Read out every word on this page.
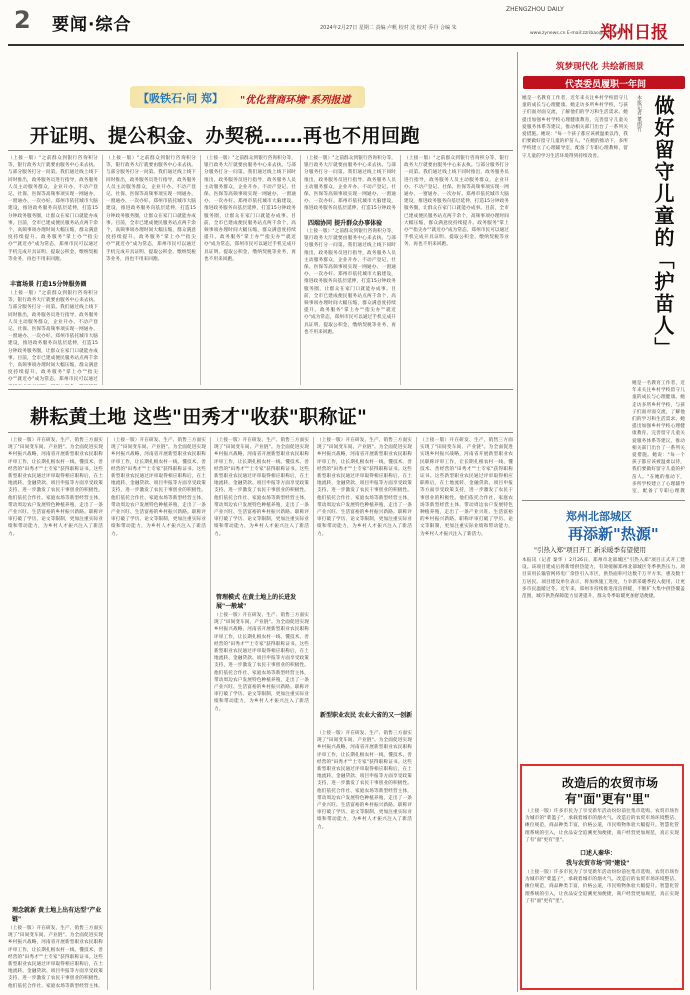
2 要闻·综合
ZHENGZHOU DAILY
2024年2月27日 星期二 责编 卢帆 校对 沈 校对 乔丹 合编 朱
www.zynews.cn E-mail:zzribao@163.com
郑州日报
【吸铁石·问 郑】 "优化营商环境"系列报道
开证明、提公积金、办契税……再也不用回跑
（上接一版）"之前群众到银行咨询积分等，银行政务大厅就要由服务中心来去执。与部分服务打分一问第。我们通过线上线下同时推出，政务服务员进行指导，政务服务人员主动服务群众，企业开办、不动产登记、社保、医保等高频事项实现一网通办、一窗通办、一次办好。郑州市依托城市大脑建设，推进政务服务向基层延伸，打造15分钟政务服务圈，让群众在家门口就能办成事。目前，全市已建成便民服务站点两千余个，高频事项办理时间大幅压缩，群众满意度持续提升。政务服务"掌上办""指尖办""就近办"成为常态，郑州市民可以通过手机完成开具证明、提取公积金、缴纳契税等业务，再也不用来回跑。
丰富场景 打造15分钟服务圈
（上接一版）"之前群众到银行咨询积分等，银行政务大厅就要由服务中心来去执。与部分服务打分一问第。我们通过线上线下同时推出，政务服务员进行指导，政务服务人员主动服务群众，企业开办、不动产登记、社保、医保等高频事项实现一网通办、一窗通办、一次办好。郑州市依托城市大脑建设，推进政务服务向基层延伸，打造15分钟政务服务圈，让群众在家门口就能办成事。目前，全市已建成便民服务站点两千余个，高频事项办理时间大幅压缩，群众满意度持续提升。政务服务"掌上办""指尖办""就近办"成为常态，郑州市民可以通过
（上接一版）"之前群众到银行咨询积分等，银行政务大厅就要由服务中心来去执。与部分服务打分一问第。我们通过线上线下同时推出，政务服务员进行指导，政务服务人员主动服务群众，企业开办、不动产登记、社保、医保等高频事项实现一网通办、一窗通办、一次办好。郑州市依托城市大脑建设，推进政务服务向基层延伸，打造15分钟政务服务圈，让群众在家门口就能办成事。目前，全市已建成便民服务站点两千余个，高频事项办理时间大幅压缩，群众满意度持续提升。政务服务"掌上办""指尖办""就近办"成为常态，郑州市民可以通过手机完成开具证明、提取公积金、缴纳契税等业务，再也不用来回跑。
（上接一版）"之前群众到银行咨询积分等，银行政务大厅就要由服务中心来去执。与部分服务打分一问第。我们通过线上线下同时推出，政务服务员进行指导，政务服务人员主动服务群众，企业开办、不动产登记、社保、医保等高频事项实现一网通办、一窗通办、一次办好。郑州市依托城市大脑建设，推进政务服务向基层延伸，打造15分钟政务服务圈，让群众在家门口就能办成事。目前，全市已建成便民服务站点两千余个，高频事项办理时间大幅压缩，群众满意度持续提升。政务服务"掌上办""指尖办""就近办"成为常态，郑州市民可以通过手机完成开具证明、提取公积金、缴纳契税等业务，再也不用来回跑。
（上接一版）"之前群众到银行咨询积分等，银行政务大厅就要由服务中心来去执。与部分服务打分一问第。我们通过线上线下同时推出，政务服务员进行指导，政务服务人员主动服务群众，企业开办、不动产登记、社保、医保等高频事项实现一网通办、一窗通办、一次办好。郑州市依托城市大脑建设，推进政务服务向基层延伸，打造15分钟政务
四端协同 提升群众办事体验
（上接一版）"之前群众到银行咨询积分等，银行政务大厅就要由服务中心来去执。与部分服务打分一问第。我们通过线上线下同时推出，政务服务员进行指导，政务服务人员主动服务群众，企业开办、不动产登记、社保、医保等高频事项实现一网通办、一窗通办、一次办好。郑州市依托城市大脑建设，推进政务服务向基层延伸，打造15分钟政务服务圈，让群众在家门口就能办成事。目前，全市已建成便民服务站点两千余个，高频事项办理时间大幅压缩，群众满意度持续提升。政务服务"掌上办""指尖办""就近办"成为常态，郑州市民可以通过手机完成开具证明、提取公积金、缴纳契税等业务，再也不用来回跑。
（上接一版）"之前群众到银行咨询积分等，银行政务大厅就要由服务中心来去执。与部分服务打分一问第。我们通过线上线下同时推出，政务服务员进行指导，政务服务人员主动服务群众，企业开办、不动产登记、社保、医保等高频事项实现一网通办、一窗通办、一次办好。郑州市依托城市大脑建设，推进政务服务向基层延伸，打造15分钟政务服务圈，让群众在家门口就能办成事。目前，全市已建成便民服务站点两千余个，高频事项办理时间大幅压缩，群众满意度持续提升。政务服务"掌上办""指尖办""就近办"成为常态，郑州市民可以通过手机完成开具证明、提取公积金、缴纳契税等业务，再也不用来回跑。
耕耘黄土地 这些"田秀才"收获"职称证"
（上接一版）开在研发、生产、销售三方面实现了"田间变车间、产业链"。为全面促进实现乡村振兴战略，河南省开展新型职业农民职称评审工作，让长期扎根农村一线、懂技术、善经营的"田秀才""土专家"获得职称证书。这些新型职业农民通过评审取得相应职称后，在土地流转、金融贷款、项目申报等方面享受政策支持，进一步激发了农民干事创业的积极性。他们依托合作社、家庭农场等新型经营主体，带动周边农户发展特色种植养殖，走出了一条产业兴旺、生活富裕的乡村振兴新路。职称评审打破了学历、论文等限制，更加注重实际业绩和带动能力，为乡村人才振兴注入了新活力。
理念就新 黄土地上出有达型"产业链"
（上接一版）开在研发、生产、销售三方面实现了"田间变车间、产业链"。为全面促进实现乡村振兴战略，河南省开展新型职业农民职称评审工作，让长期扎根农村一线、懂技术、善经营的"田秀才""土专家"获得职称证书。这些新型职业农民通过评审取得相应职称后，在土地流转、金融贷款、项目申报等方面享受政策支持，进一步激发了农民干事创业的积极性。他们依托合作社、家庭农场等新型经营主体，
（上接一版）开在研发、生产、销售三方面实现了"田间变车间、产业链"。为全面促进实现乡村振兴战略，河南省开展新型职业农民职称评审工作，让长期扎根农村一线、懂技术、善经营的"田秀才""土专家"获得职称证书。这些新型职业农民通过评审取得相应职称后，在土地流转、金融贷款、项目申报等方面享受政策支持，进一步激发了农民干事创业的积极性。他们依托合作社、家庭农场等新型经营主体，带动周边农户发展特色种植养殖，走出了一条产业兴旺、生活富裕的乡村振兴新路。职称评审打破了学历、论文等限制，更加注重实际业绩和带动能力，为乡村人才振兴注入了新活力。
（上接一版）开在研发、生产、销售三方面实现了"田间变车间、产业链"。为全面促进实现乡村振兴战略，河南省开展新型职业农民职称评审工作，让长期扎根农村一线、懂技术、善经营的"田秀才""土专家"获得职称证书。这些新型职业农民通过评审取得相应职称后，在土地流转、金融贷款、项目申报等方面享受政策支持，进一步激发了农民干事创业的积极性。他们依托合作社、家庭农场等新型经营主体，带动周边农户发展特色种植养殖，走出了一条产业兴旺、生活富裕的乡村振兴新路。职称评审打破了学历、论文等限制，更加注重实际业绩和带动能力，为乡村人才振兴注入了新活力。
管理模式 在黄土地上的长进发展"一般域"
（上接一版）开在研发、生产、销售三方面实现了"田间变车间、产业链"。为全面促进实现乡村振兴战略，河南省开展新型职业农民职称评审工作，让长期扎根农村一线、懂技术、善经营的"田秀才""土专家"获得职称证书。这些新型职业农民通过评审取得相应职称后，在土地流转、金融贷款、项目申报等方面享受政策支持，进一步激发了农民干事创业的积极性。他们依托合作社、家庭农场等新型经营主体，带动周边农户发展特色种植养殖，走出了一条产业兴旺、生活富裕的乡村振兴新路。职称评审打破了学历、论文等限制，更加注重实际业绩和带动能力，为乡村人才振兴注入了新活力。
（上接一版）开在研发、生产、销售三方面实现了"田间变车间、产业链"。为全面促进实现乡村振兴战略，河南省开展新型职业农民职称评审工作，让长期扎根农村一线、懂技术、善经营的"田秀才""土专家"获得职称证书。这些新型职业农民通过评审取得相应职称后，在土地流转、金融贷款、项目申报等方面享受政策支持，进一步激发了农民干事创业的积极性。他们依托合作社、家庭农场等新型经营主体，带动周边农户发展特色种植养殖，走出了一条产业兴旺、生活富裕的乡村振兴新路。职称评审打破了学历、论文等限制，更加注重实际业绩和带动能力，为乡村人才振兴注入了新活力。
新型职业农民 农业大省的又一创新
（上接一版）开在研发、生产、销售三方面实现了"田间变车间、产业链"。为全面促进实现乡村振兴战略，河南省开展新型职业农民职称评审工作，让长期扎根农村一线、懂技术、善经营的"田秀才""土专家"获得职称证书。这些新型职业农民通过评审取得相应职称后，在土地流转、金融贷款、项目申报等方面享受政策支持，进一步激发了农民干事创业的积极性。他们依托合作社、家庭农场等新型经营主体，带动周边农户发展特色种植养殖，走出了一条产业兴旺、生活富裕的乡村振兴新路。职称评审打破了学历、论文等限制，更加注重实际业绩和带动能力，为乡村人才振兴注入了新活力。
（上接一版）开在研发、生产、销售三方面实现了"田间变车间、产业链"。为全面促进实现乡村振兴战略，河南省开展新型职业农民职称评审工作，让长期扎根农村一线、懂技术、善经营的"田秀才""土专家"获得职称证书。这些新型职业农民通过评审取得相应职称后，在土地流转、金融贷款、项目申报等方面享受政策支持，进一步激发了农民干事创业的积极性。他们依托合作社、家庭农场等新型经营主体，带动周边农户发展特色种植养殖，走出了一条产业兴旺、生活富裕的乡村振兴新路。职称评审打破了学历、论文等限制，更加注重实际业绩和带动能力，为乡村人才振兴注入了新活力。
筑梦现代化 共绘新图景
代表委员履职一年间
她是一名教育工作者，近年来关注乡村学校留守儿童的成长与心理健康。她走访多所乡村学校，与孩子们面对面交流，了解他们的学习和生活需求。她提出加强乡村学校心理健康教育、完善留守儿童关爱服务体系等建议，推动相关部门出台了一系列关爱措施。她说："每一个孩子都应该被温柔以待，我们要做好留守儿童的护苗人。"在她的推动下，多所学校建立了心理辅导室，配备了专职心理教师，留守儿童的学习生活环境得到持续改善。	做好留守儿童的「护苗人」
本报记者 董雨竹
她是一名教育工作者，近年来关注乡村学校留守儿童的成长与心理健康。她走访多所乡村学校，与孩子们面对面交流，了解他们的学习和生活需求。她提出加强乡村学校心理健康教育、完善留守儿童关爱服务体系等建议，推动相关部门出台了一系列关爱措施。她说："每一个孩子都应该被温柔以待，我们要做好留守儿童的护苗人。"在她的推动下，多所学校建立了心理辅导室，配备了专职心理教
郑州北部城区
再添新"热源"
"引热入郑"项目开工 新采暖季有望使用
本报讯（记者 秦华 ）2月26日，郑州市北部城区"引热入郑"项目正式开工建设。该项目建成后将新增供热能力，有效缓解郑州北部城区冬季供热压力。项目采用长输管网将电厂余热引入市区，供热面积可达数千万平方米，惠及数十万居民。项目建设单位表示，将加快施工进度，力争新采暖季投入使用，让更多市民温暖过冬。近年来，郑州市持续推进清洁供暖，不断扩大集中供热覆盖范围，城市供热保障能力显著提升，群众冬季取暖更加舒适便捷。
改造后的农贸市场
有"面"更有"里"
（上接一版）许多市民为了享受新年活动纷纷前往集市选购，农贸市场作为城市的"菜篮子"，承载着城市的烟火气。改造后的农贸市场环境整洁、摊位规范，商品种类丰富，价格公道，市民购物体验大幅提升。智慧化管理系统的引入，让食品安全追溯更加便捷，商户经营更加规范，真正实现了有"面"更有"里"。
口述人秦华：
我与农贸市场"同"建设"
（上接一版）许多市民为了享受新年活动纷纷前往集市选购，农贸市场作为城市的"菜篮子"，承载着城市的烟火气。改造后的农贸市场环境整洁、摊位规范，商品种类丰富，价格公道，市民购物体验大幅提升。智慧化管理系统的引入，让食品安全追溯更加便捷，商户经营更加规范，真正实现了有"面"更有"里"。
